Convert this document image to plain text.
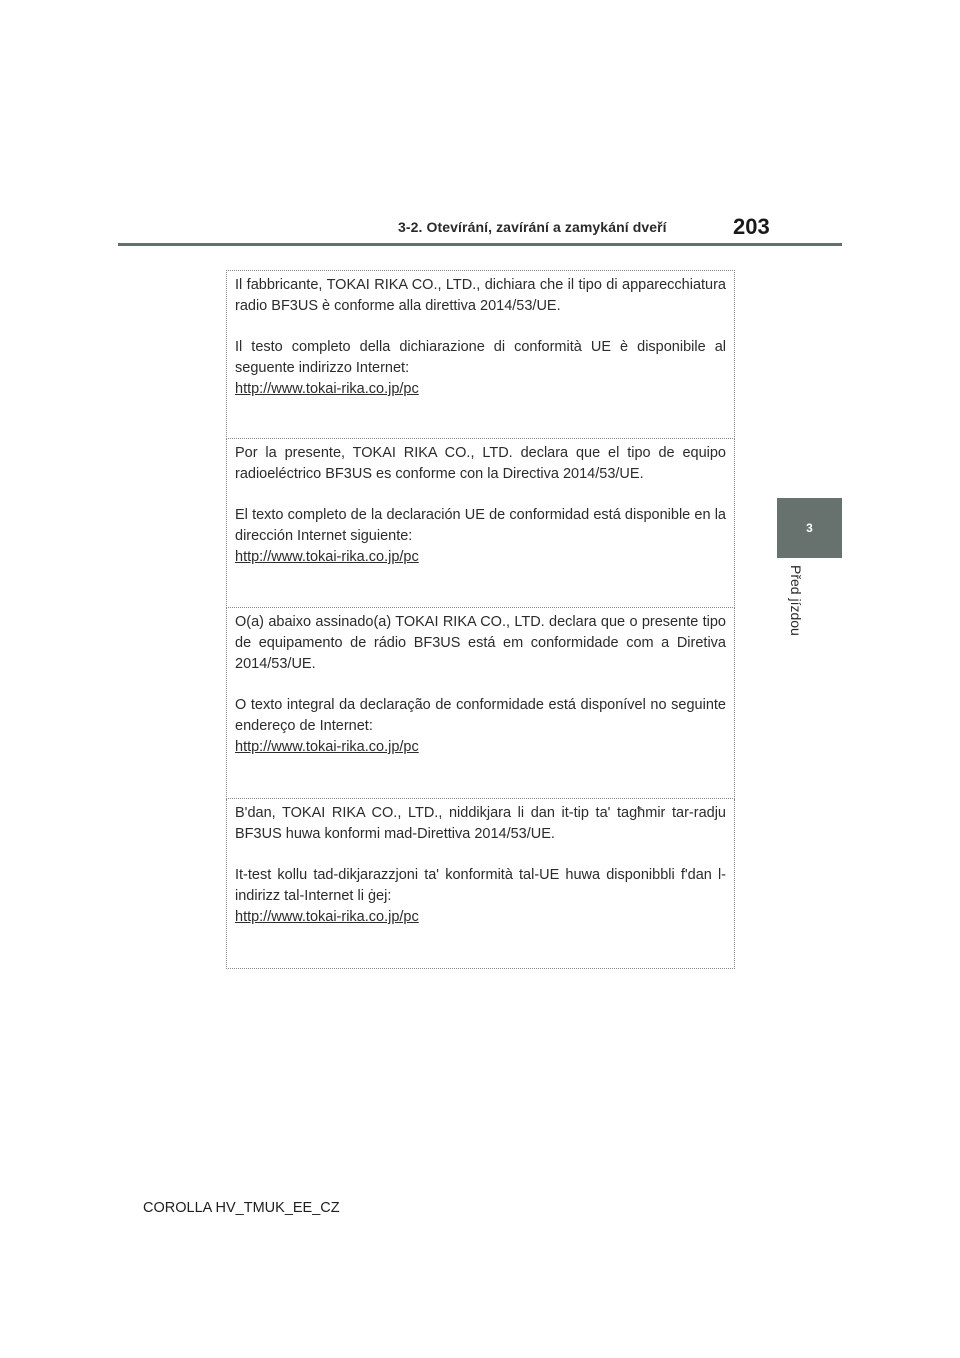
3-2. Otevírání, zavírání a zamykání dveří	203
3
Před jízdou

Il fabbricante, TOKAI RIKA CO., LTD., dichiara che il tipo di apparecchiatura radio BF3US è conforme alla direttiva 2014/53/UE.

Il testo completo della dichiarazione di conformità UE è disponibile al seguente indirizzo Internet:

http://www.tokai-rika.co.jp/pc

Por la presente, TOKAI RIKA CO., LTD. declara que el tipo de equipo radioeléctrico BF3US es conforme con la Directiva 2014/53/UE.

El texto completo de la declaración UE de conformidad está disponible en la dirección Internet siguiente:

http://www.tokai-rika.co.jp/pc

O(a) abaixo assinado(a) TOKAI RIKA CO., LTD. declara que o presente tipo de equipamento de rádio BF3US está em conformidade com a Diretiva 2014/53/UE.

O texto integral da declaração de conformidade está disponível no seguinte endereço de Internet:

http://www.tokai-rika.co.jp/pc

B'dan, TOKAI RIKA CO., LTD., niddikjara li dan it-tip ta' tagħmir tar-radju BF3US huwa konformi mad-Direttiva 2014/53/UE.

It-test kollu tad-dikjarazzjoni ta' konformità tal-UE huwa disponibbli f'dan l-indirizz tal-Internet li ġej:

http://www.tokai-rika.co.jp/pc
COROLLA HV_TMUK_EE_CZ
